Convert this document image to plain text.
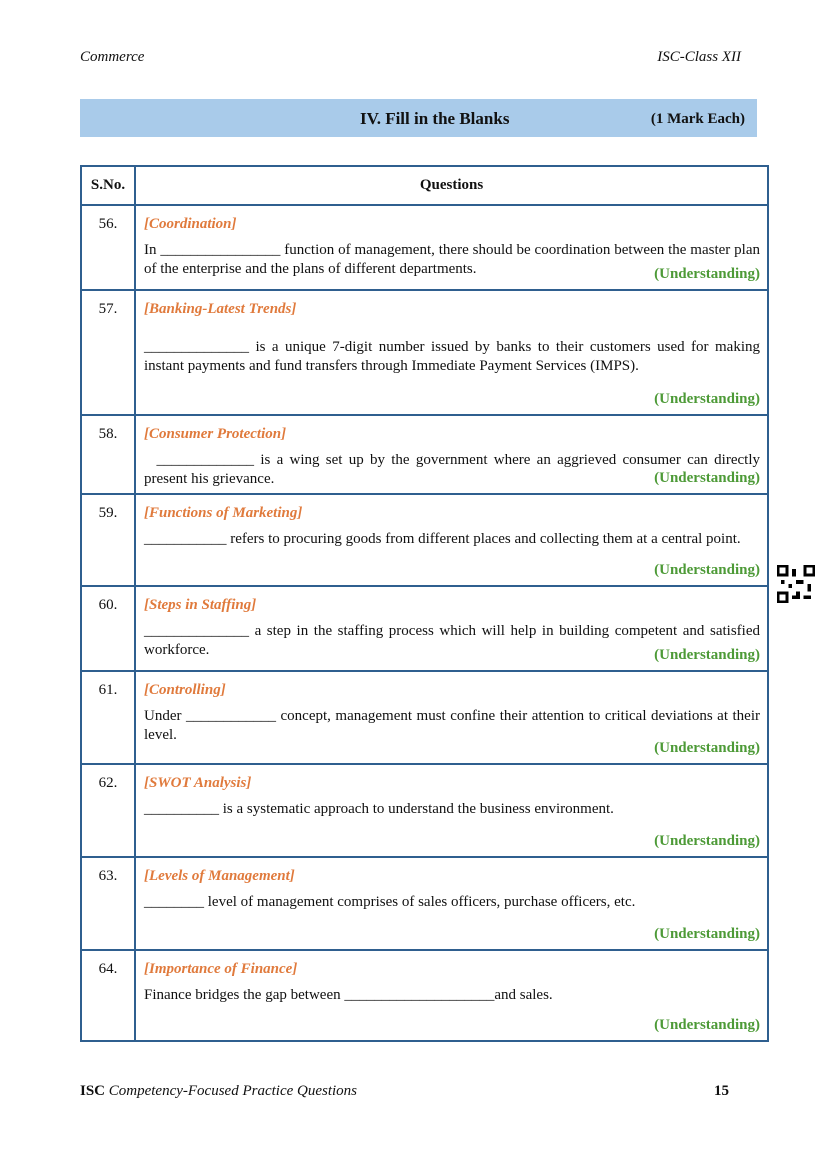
Commerce	ISC-Class XII
IV. Fill in the Blanks	(1 Mark Each)
S.No.	Questions
56.	[Coordination]
In ________________ function of management, there should be coordination between the master plan of the enterprise and the plans of different departments. (Understanding)

57.	[Banking-Latest Trends]
______________ is a unique 7-digit number issued by banks to their customers used for making instant payments and fund transfers through Immediate Payment Services (IMPS).
(Understanding)

58.	[Consumer Protection]
_____________ is a wing set up by the government where an aggrieved consumer can directly present his grievance. (Understanding)

59.	[Functions of Marketing]
___________ refers to procuring goods from different places and collecting them at a central point.
(Understanding)

60.	[Steps in Staffing]
______________ a step in the staffing process which will help in building competent and satisfied workforce. (Understanding)

61.	[Controlling]
Under ____________ concept, management must confine their attention to critical deviations at their level.
(Understanding)

62.	[SWOT Analysis]
__________ is a systematic approach to understand the business environment.
(Understanding)

63.	[Levels of Management]
________ level of management comprises of sales officers, purchase officers, etc.
(Understanding)

64.	[Importance of Finance]
Finance bridges the gap between ____________________and sales.
(Understanding)
ISC Competency-Focused Practice Questions	15
